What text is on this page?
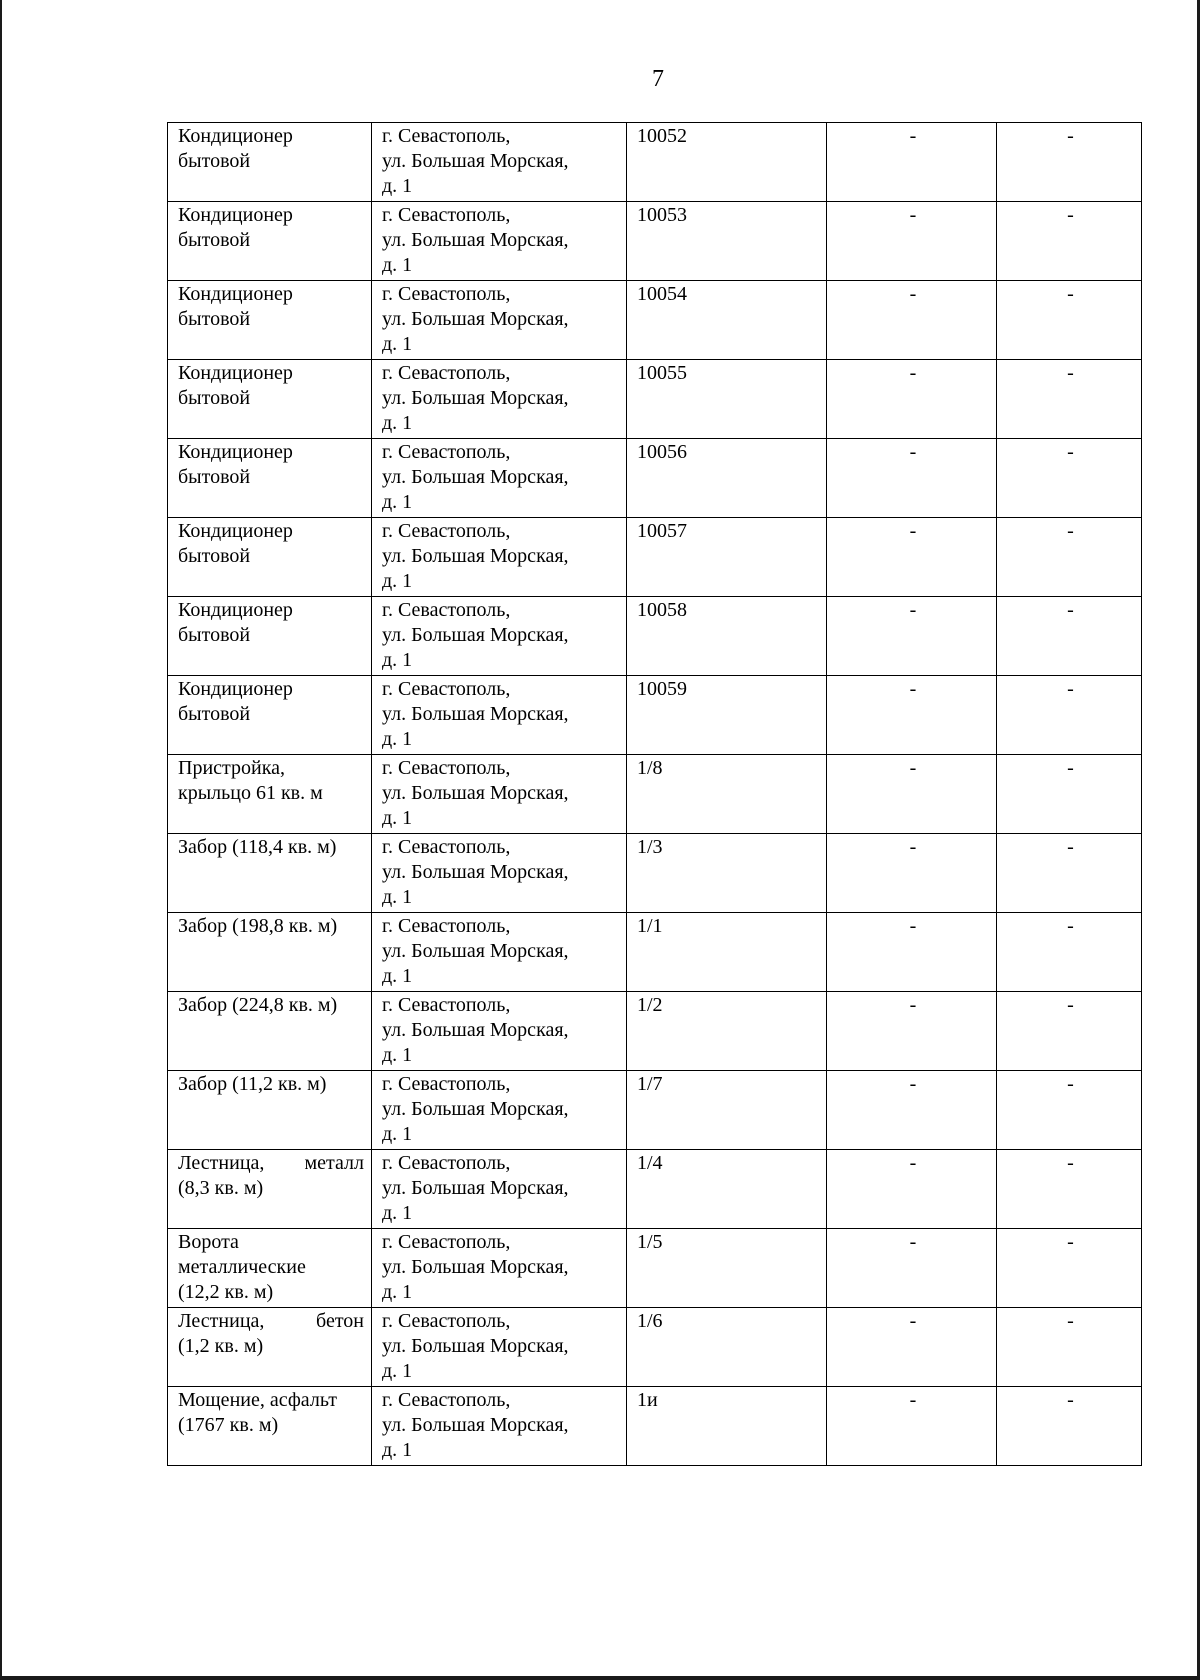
7
Кондиционер
бытовой	г. Севастополь,
ул. Большая Морская,
д. 1	10052	-	-

Кондиционер
бытовой	г. Севастополь,
ул. Большая Морская,
д. 1	10053	-	-

Кондиционер
бытовой	г. Севастополь,
ул. Большая Морская,
д. 1	10054	-	-

Кондиционер
бытовой	г. Севастополь,
ул. Большая Морская,
д. 1	10055	-	-

Кондиционер
бытовой	г. Севастополь,
ул. Большая Морская,
д. 1	10056	-	-

Кондиционер
бытовой	г. Севастополь,
ул. Большая Морская,
д. 1	10057	-	-

Кондиционер
бытовой	г. Севастополь,
ул. Большая Морская,
д. 1	10058	-	-

Кондиционер
бытовой	г. Севастополь,
ул. Большая Морская,
д. 1	10059	-	-

Пристройка,
крыльцо 61 кв. м	г. Севастополь,
ул. Большая Морская,
д. 1	1/8	-	-

Забор (118,4 кв. м)	г. Севастополь,
ул. Большая Морская,
д. 1	1/3	-	-

Забор (198,8 кв. м)	г. Севастополь,
ул. Большая Морская,
д. 1	1/1	-	-

Забор (224,8 кв. м)	г. Севастополь,
ул. Большая Морская,
д. 1	1/2	-	-

Забор (11,2 кв. м)	г. Севастополь,
ул. Большая Морская,
д. 1	1/7	-	-

Лестница, металл
(8,3 кв. м)	г. Севастополь,
ул. Большая Морская,
д. 1	1/4	-	-

Ворота
металлические
(12,2 кв. м)	г. Севастополь,
ул. Большая Морская,
д. 1	1/5	-	-

Лестница, бетон
(1,2 кв. м)	г. Севастополь,
ул. Большая Морская,
д. 1	1/6	-	-

Мощение, асфальт
(1767 кв. м)	г. Севастополь,
ул. Большая Морская,
д. 1	1и	-	-
